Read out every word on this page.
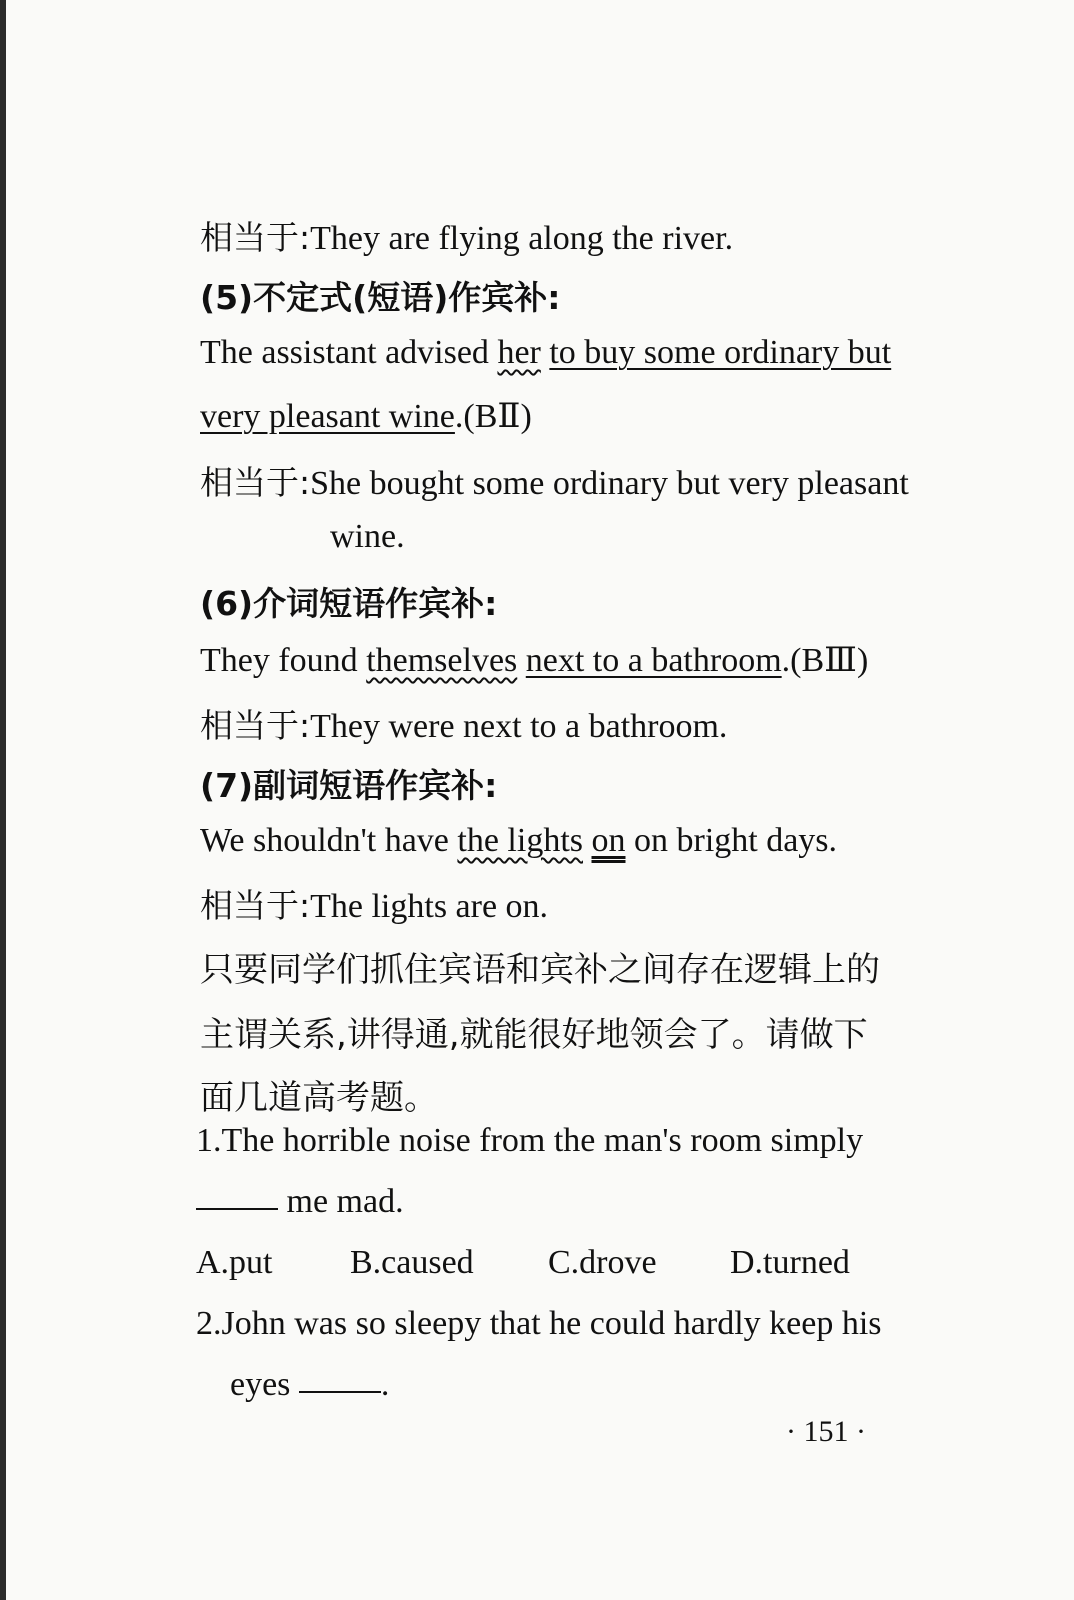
相当于:They are flying along the river.
(5)不定式(短语)作宾补:
The assistant advised her to buy some ordinary but
very pleasant wine.(BⅡ)
相当于:She bought some ordinary but very pleasant
wine.
(6)介词短语作宾补:
They found themselves next to a bathroom.(BⅢ)
相当于:They were next to a bathroom.
(7)副词短语作宾补:
We shouldn't have the lights on on bright days.
相当于:The lights are on.
只要同学们抓住宾语和宾补之间存在逻辑上的
主谓关系,讲得通,就能很好地领会了。请做下
面几道高考题。
1.The horrible noise from the man's room simply
me mad.
A.put B.caused C.drove D.turned
2.John was so sleepy that he could hardly keep his
eyes .
· 151 ·
